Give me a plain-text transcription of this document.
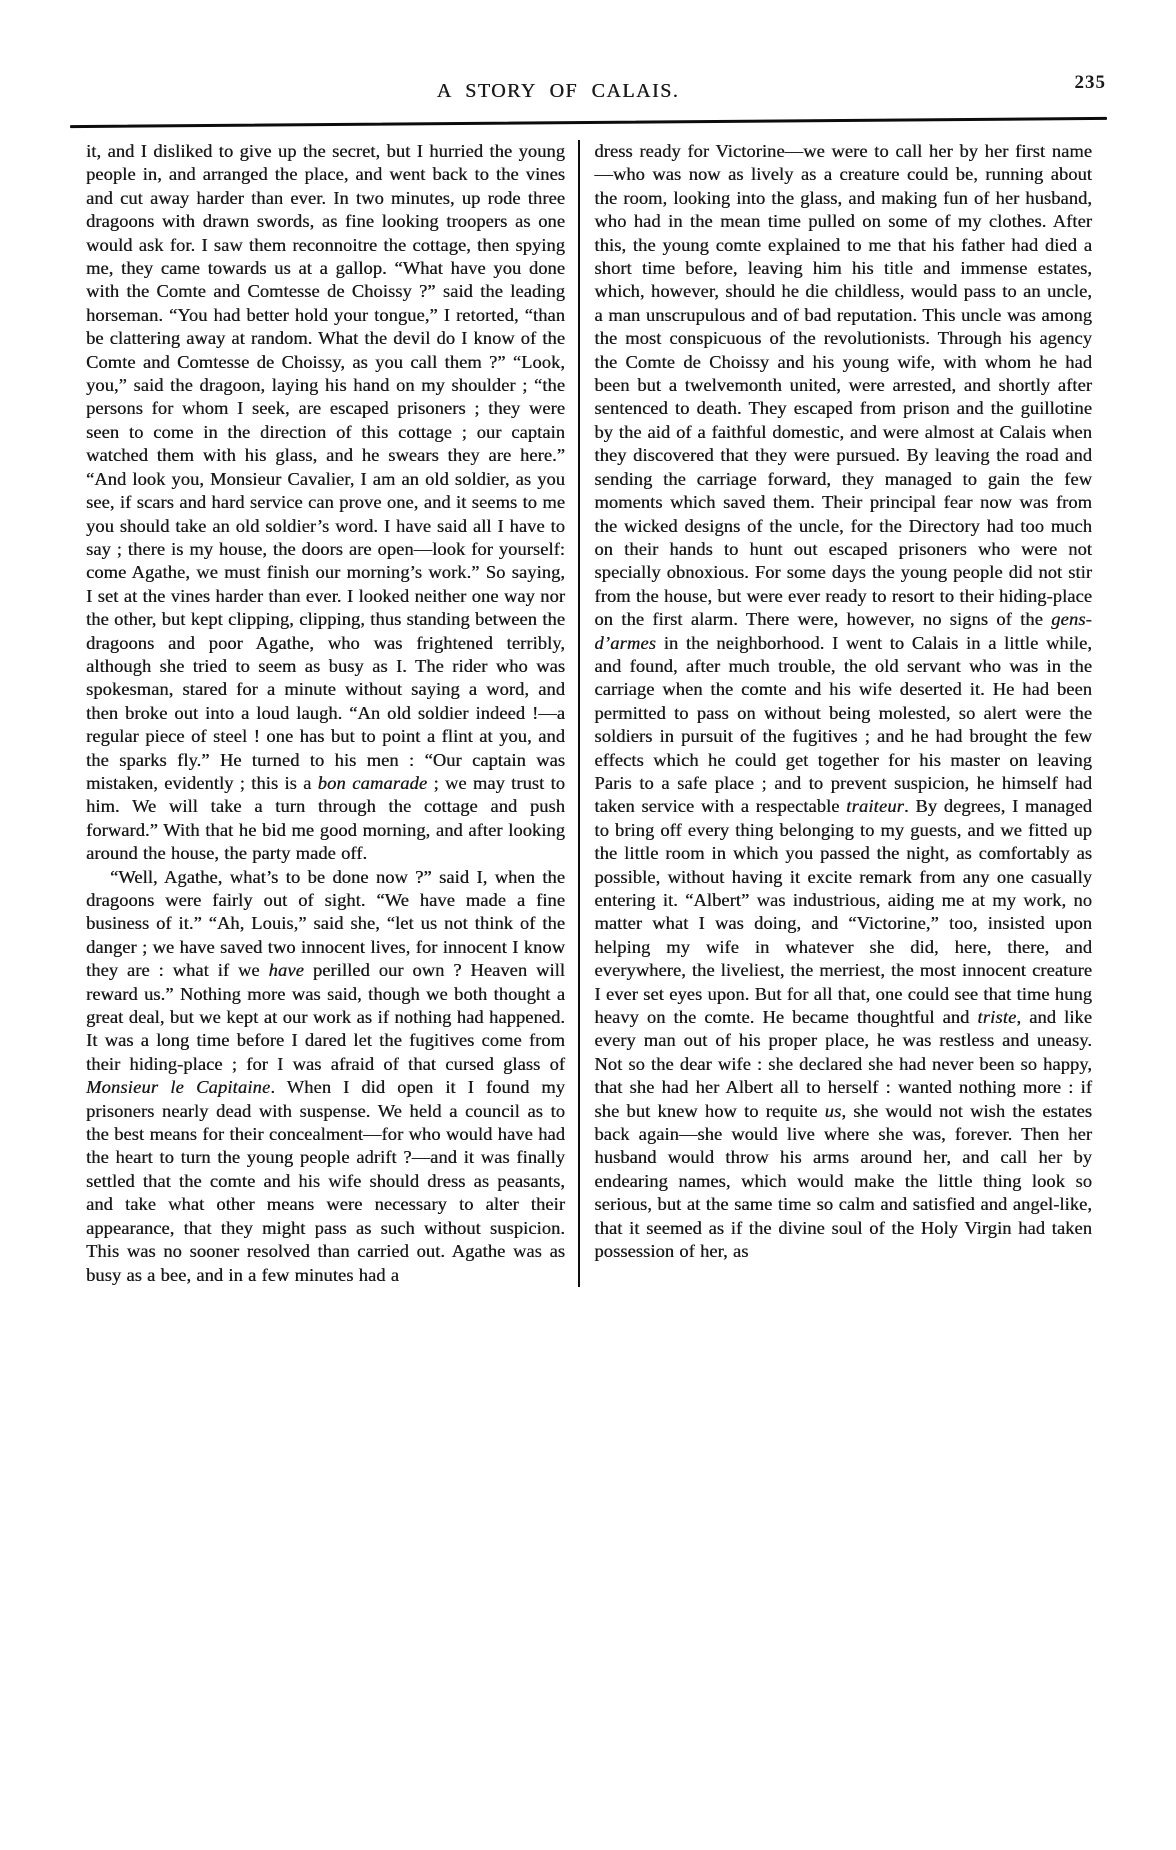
A STORY OF CALAIS.	235

it, and I disliked to give up the secret, but I hurried the young people in, and arranged the place, and went back to the vines and cut away harder than ever. In two minutes, up rode three dragoons with drawn swords, as fine looking troopers as one would ask for. I saw them reconnoitre the cottage, then spying me, they came towards us at a gallop. “What have you done with the Comte and Comtesse de Choissy ?” said the leading horseman. “You had better hold your tongue,” I retorted, “than be clattering away at random. What the devil do I know of the Comte and Comtesse de Choissy, as you call them ?” “Look, you,” said the dragoon, laying his hand on my shoulder ; “the persons for whom I seek, are escaped prisoners ; they were seen to come in the direction of this cottage ; our captain watched them with his glass, and he swears they are here.” “And look you, Monsieur Cavalier, I am an old soldier, as you see, if scars and hard service can prove one, and it seems to me you should take an old soldier’s word. I have said all I have to say ; there is my house, the doors are open—look for yourself: come Agathe, we must finish our morning’s work.” So saying, I set at the vines harder than ever. I looked neither one way nor the other, but kept clipping, clipping, thus standing between the dragoons and poor Agathe, who was frightened terribly, although she tried to seem as busy as I. The rider who was spokesman, stared for a minute without saying a word, and then broke out into a loud laugh. “An old soldier indeed !—a regular piece of steel ! one has but to point a flint at you, and the sparks fly.” He turned to his men : “Our captain was mistaken, evidently ; this is a bon camarade ; we may trust to him. We will take a turn through the cottage and push forward.” With that he bid me good morning, and after looking around the house, the party made off.

“Well, Agathe, what’s to be done now ?” said I, when the dragoons were fairly out of sight. “We have made a fine business of it.” “Ah, Louis,” said she, “let us not think of the danger ; we have saved two innocent lives, for innocent I know they are : what if we have perilled our own ? Heaven will reward us.” Nothing more was said, though we both thought a great deal, but we kept at our work as if nothing had happened. It was a long time before I dared let the fugitives come from their hiding-place ; for I was afraid of that cursed glass of Monsieur le Capitaine. When I did open it I found my prisoners nearly dead with suspense. We held a council as to the best means for their concealment—for who would have had the heart to turn the young people adrift ?—and it was finally settled that the comte and his wife should dress as peasants, and take what other means were necessary to alter their appearance, that they might pass as such without suspicion. This was no sooner resolved than carried out. Agathe was as busy as a bee, and in a few minutes had a

dress ready for Victorine—we were to call her by her first name—who was now as lively as a creature could be, running about the room, looking into the glass, and making fun of her husband, who had in the mean time pulled on some of my clothes. After this, the young comte explained to me that his father had died a short time before, leaving him his title and immense estates, which, however, should he die childless, would pass to an uncle, a man unscrupulous and of bad reputation. This uncle was among the most conspicuous of the revolutionists. Through his agency the Comte de Choissy and his young wife, with whom he had been but a twelvemonth united, were arrested, and shortly after sentenced to death. They escaped from prison and the guillotine by the aid of a faithful domestic, and were almost at Calais when they discovered that they were pursued. By leaving the road and sending the carriage forward, they managed to gain the few moments which saved them. Their principal fear now was from the wicked designs of the uncle, for the Directory had too much on their hands to hunt out escaped prisoners who were not specially obnoxious. For some days the young people did not stir from the house, but were ever ready to resort to their hiding-place on the first alarm. There were, however, no signs of the gens-d’armes in the neighborhood. I went to Calais in a little while, and found, after much trouble, the old servant who was in the carriage when the comte and his wife deserted it. He had been permitted to pass on without being molested, so alert were the soldiers in pursuit of the fugitives ; and he had brought the few effects which he could get together for his master on leaving Paris to a safe place ; and to prevent suspicion, he himself had taken service with a respectable traiteur. By degrees, I managed to bring off every thing belonging to my guests, and we fitted up the little room in which you passed the night, as comfortably as possible, without having it excite remark from any one casually entering it. “Albert” was industrious, aiding me at my work, no matter what I was doing, and “Victorine,” too, insisted upon helping my wife in whatever she did, here, there, and everywhere, the liveliest, the merriest, the most innocent creature I ever set eyes upon. But for all that, one could see that time hung heavy on the comte. He became thoughtful and triste, and like every man out of his proper place, he was restless and uneasy. Not so the dear wife : she declared she had never been so happy, that she had her Albert all to herself : wanted nothing more : if she but knew how to requite us, she would not wish the estates back again—she would live where she was, forever. Then her husband would throw his arms around her, and call her by endearing names, which would make the little thing look so serious, but at the same time so calm and satisfied and angel-like, that it seemed as if the divine soul of the Holy Virgin had taken possession of her, as
